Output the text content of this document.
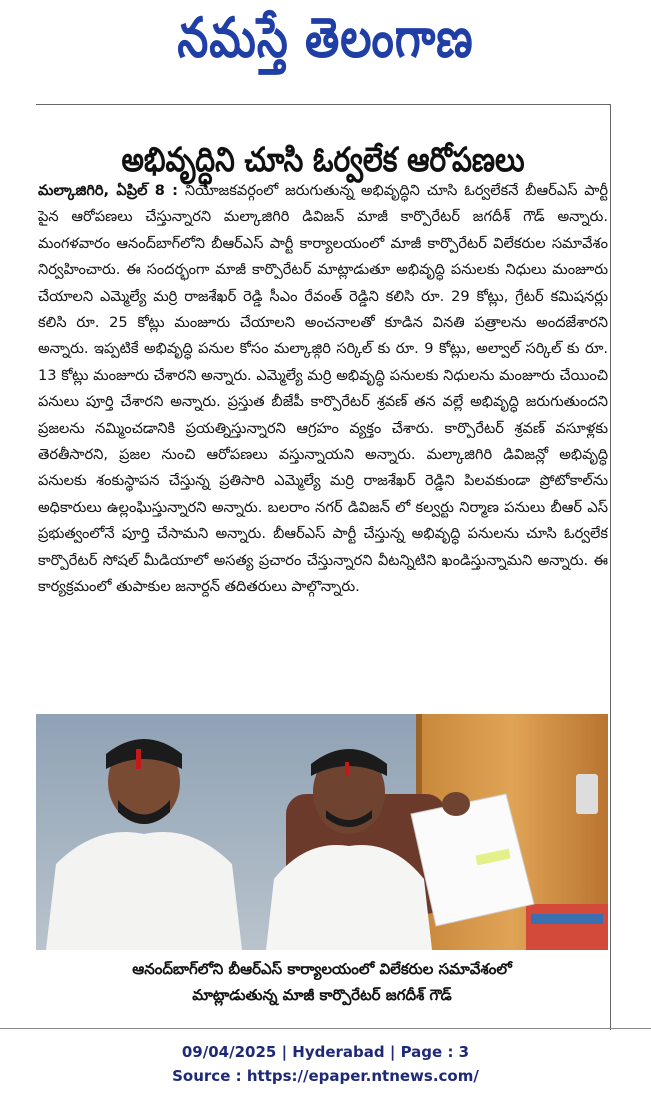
నమస్తే తెలంగాణ
అభివృద్ధిని చూసి ఓర్వలేక ఆరోపణలు

మల్కాజిగిరి, ఏప్రిల్ 8 : నియోజకవర్గంలో జరుగుతున్న అభివృద్ధిని చూసి ఓర్వలేకనే బీఆర్ఎస్ పార్టీ పైన ఆరోపణలు చేస్తున్నారని మల్కాజిగిరి డివిజన్ మాజీ కార్పొరేటర్ జగదీశ్ గౌడ్ అన్నారు. మంగళవారం ఆనంద్‌బాగ్‌లోని బీఆర్ఎస్ పార్టీ కార్యాలయంలో మాజీ కార్పొరేటర్ విలేకరుల సమావేశం నిర్వహించారు. ఈ సందర్భంగా మాజీ కార్పొరేటర్ మాట్లాడుతూ అభివృద్ధి పనులకు నిధులు మంజూరు చేయాలని ఎమ్మెల్యే మర్రి రాజశేఖర్ రెడ్డి సీఎం రేవంత్ రెడ్డిని కలిసి రూ. 29 కోట్లు, గ్రేటర్ కమిషనర్లు కలిసి రూ. 25 కోట్లు మంజూరు చేయాలని అంచనాలతో కూడిన వినతి పత్రాలను అందజేశారని అన్నారు. ఇప్పటికే అభివృద్ధి పనుల కోసం మల్కాజ్గిరి సర్కిల్ కు రూ. 9 కోట్లు, అల్వాల్ సర్కిల్ కు రూ. 13 కోట్లు మంజూరు చేశారని అన్నారు. ఎమ్మెల్యే మర్రి అభివృద్ధి పనులకు నిధులను మంజూరు చేయించి పనులు పూర్తి చేశారని అన్నారు. ప్రస్తుత బీజేపీ కార్పొరేటర్ శ్రవణ్ తన వల్లే అభివృద్ధి జరుగుతుందని ప్రజలను నమ్మించడానికి ప్రయత్నిస్తున్నారని ఆగ్రహం వ్యక్తం చేశారు. కార్పొరేటర్ శ్రవణ్ వసూళ్లకు తెరతీసారని, ప్రజల నుంచి ఆరోపణలు వస్తున్నాయని అన్నారు. మల్కాజిగిరి డివిజన్లో అభివృద్ధి పనులకు శంకుస్థాపన చేస్తున్న ప్రతిసారి ఎమ్మెల్యే మర్రి రాజశేఖర్ రెడ్డిని పిలవకుండా ప్రోటోకాల్‌ను అధికారులు ఉల్లంఘిస్తున్నారని అన్నారు. బలరాం నగర్ డివిజన్ లో కల్వర్టు నిర్మాణ పనులు బీఆర్ ఎస్ ప్రభుత్వంలోనే పూర్తి చేసామని అన్నారు. బీఆర్ఎస్ పార్టీ చేస్తున్న అభివృద్ధి పనులను చూసి ఓర్వలేక కార్పొరేటర్ సోషల్ మీడియాలో అసత్య ప్రచారం చేస్తున్నారని వీటన్నిటిని ఖండిస్తున్నామని అన్నారు. ఈ కార్యక్రమంలో తుపాకుల జనార్దన్ తదితరులు పాల్గొన్నారు.

ఆనంద్‌బాగ్‌లోని బీఆర్ఎస్ కార్యాలయంలో విలేకరుల సమావేశంలో
మాట్లాడుతున్న మాజీ కార్పొరేటర్ జగదీశ్ గౌడ్
09/04/2025 | Hyderabad | Page : 3
Source : https://epaper.ntnews.com/
